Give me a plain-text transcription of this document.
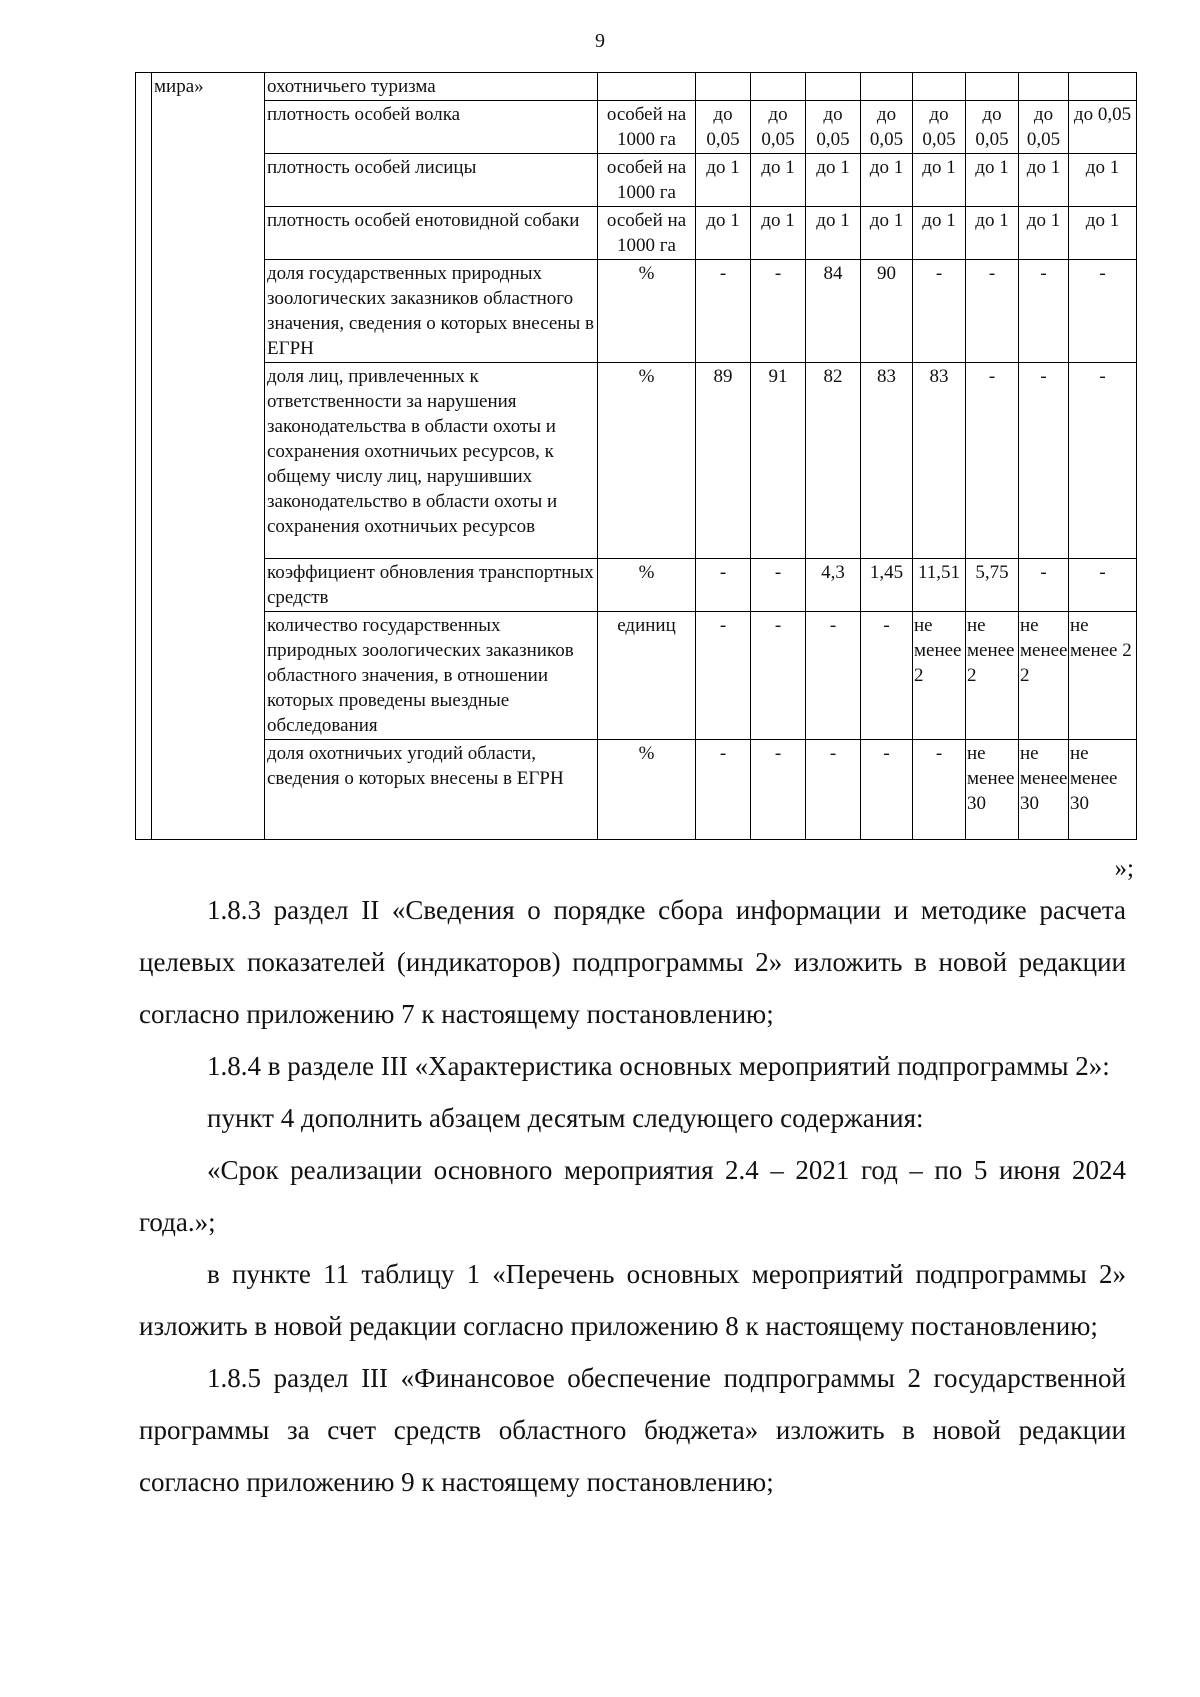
9
	мира»	охотничьего туризма									
		плотность особей волка	особей на 1000 га	до 0,05	до 0,05	до 0,05	до 0,05	до 0,05	до 0,05	до 0,05	до 0,05
		плотность особей лисицы	особей на 1000 га	до 1	до 1	до 1	до 1	до 1	до 1	до 1	до 1
		плотность особей енотовидной собаки	особей на 1000 га	до 1	до 1	до 1	до 1	до 1	до 1	до 1	до 1
		доля государственных природных зоологических заказников областного значения, сведения о которых внесены в ЕГРН	%	-	-	84	90	-	-	-	-
		доля лиц, привлеченных к ответственности за нарушения законодательства в области охоты и сохранения охотничьих ресурсов, к общему числу лиц, нарушивших законодательство в области охоты и сохранения охотничьих ресурсов	%	89	91	82	83	83	-	-	-
		коэффициент обновления транспортных средств	%	-	-	4,3	1,45	11,51	5,75	-	-
		количество государственных природных зоологических заказников областного значения, в отношении которых проведены выездные обследования	единиц	-	-	-	-	не менее 2	не менее 2	не менее 2	не менее 2
		доля охотничьих угодий области, сведения о которых внесены в ЕГРН	%	-	-	-	-	-	не менее 30	не менее 30	не менее 30
»;

1.8.3 раздел II «Сведения о порядке сбора информации и методике расчета целевых показателей (индикаторов) подпрограммы 2» изложить в новой редакции согласно приложению 7 к настоящему постановлению;

1.8.4 в разделе III «Характеристика основных мероприятий подпрограммы 2»:

пункт 4 дополнить абзацем десятым следующего содержания:

«Срок реализации основного мероприятия 2.4 – 2021 год – по 5 июня 2024 года.»;

в пункте 11 таблицу 1 «Перечень основных мероприятий подпрограммы 2» изложить в новой редакции согласно приложению 8 к настоящему постановлению;

1.8.5 раздел III «Финансовое обеспечение подпрограммы 2 государственной программы за счет средств областного бюджета» изложить в новой редакции согласно приложению 9 к настоящему постановлению;
